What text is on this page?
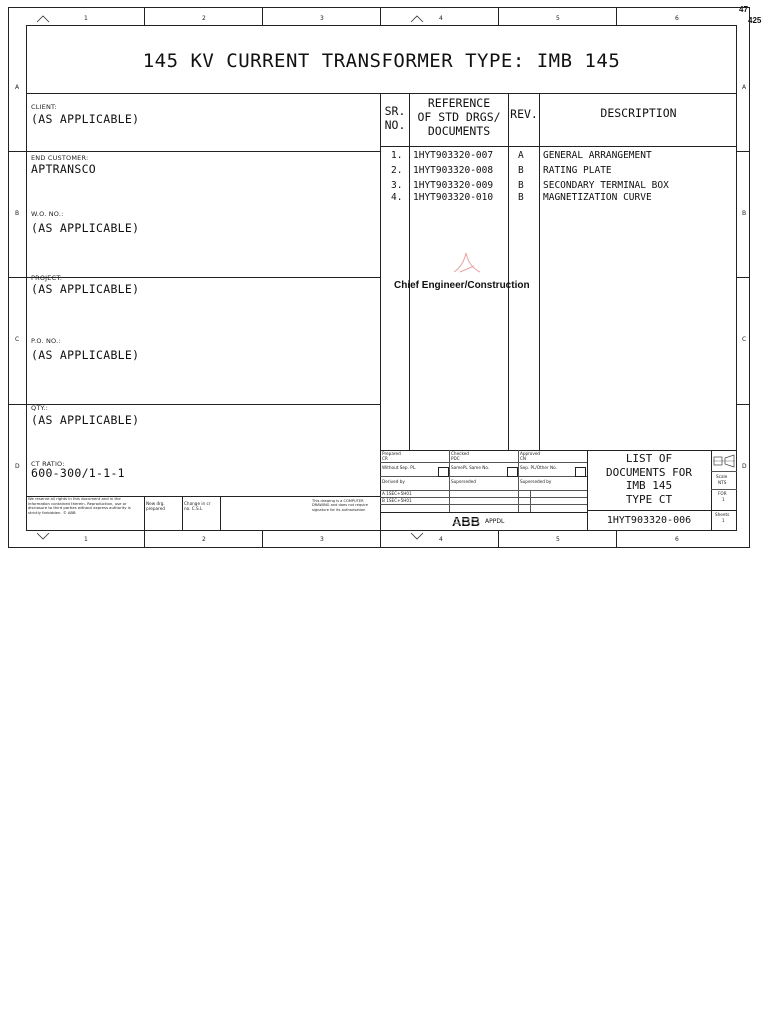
47
425
1	2	3	4	5	6
1	2	3	4	5	6
A
B
C
D
A
B
C
D
145 KV CURRENT TRANSFORMER TYPE: IMB 145
CLIENT:
(AS APPLICABLE)
END CUSTOMER:
APTRANSCO
W.O. NO.:
(AS APPLICABLE)
PROJECT:
(AS APPLICABLE)
P.O. NO.:
(AS APPLICABLE)
QTY.:
(AS APPLICABLE)
CT RATIO:
600-300/1-1-1
SR.
NO.
REFERENCE
OF STD DRGS/
DOCUMENTS
REV.	DESCRIPTION
1. 1HYT903320-007	A GENERAL ARRANGEMENT
2. 1HYT903320-008	B RATING PLATE
3. 1HYT903320-009	B SECONDARY TERMINAL BOX
4. 1HYT903320-010	B MAGNETIZATION CURVE
Chief Engineer/Construction
Prepared
CR
Checked
PDC
Approved
CN
Without Sep. PL.	SamePL Same No.	Sep. PL/Other No.
Derived by	Superseded	Superseded by
A 1SEC+5H01
B 1SEC+5H01
LIST OF
DOCUMENTS FOR
IMB 145
TYPE CT
1HYT903320-006
Scale
NTS
FOR
1
Sheets
1
ABB APPDL
We reserve all rights in this document and in the information contained therein. Reproduction, use or disclosure to third parties without express authority is strictly forbidden. © ABB
New drg. prepared
Change in cr no. C.S.L
This drawing is a COMPUTER DRAWING and does not require signature for its authorisation
